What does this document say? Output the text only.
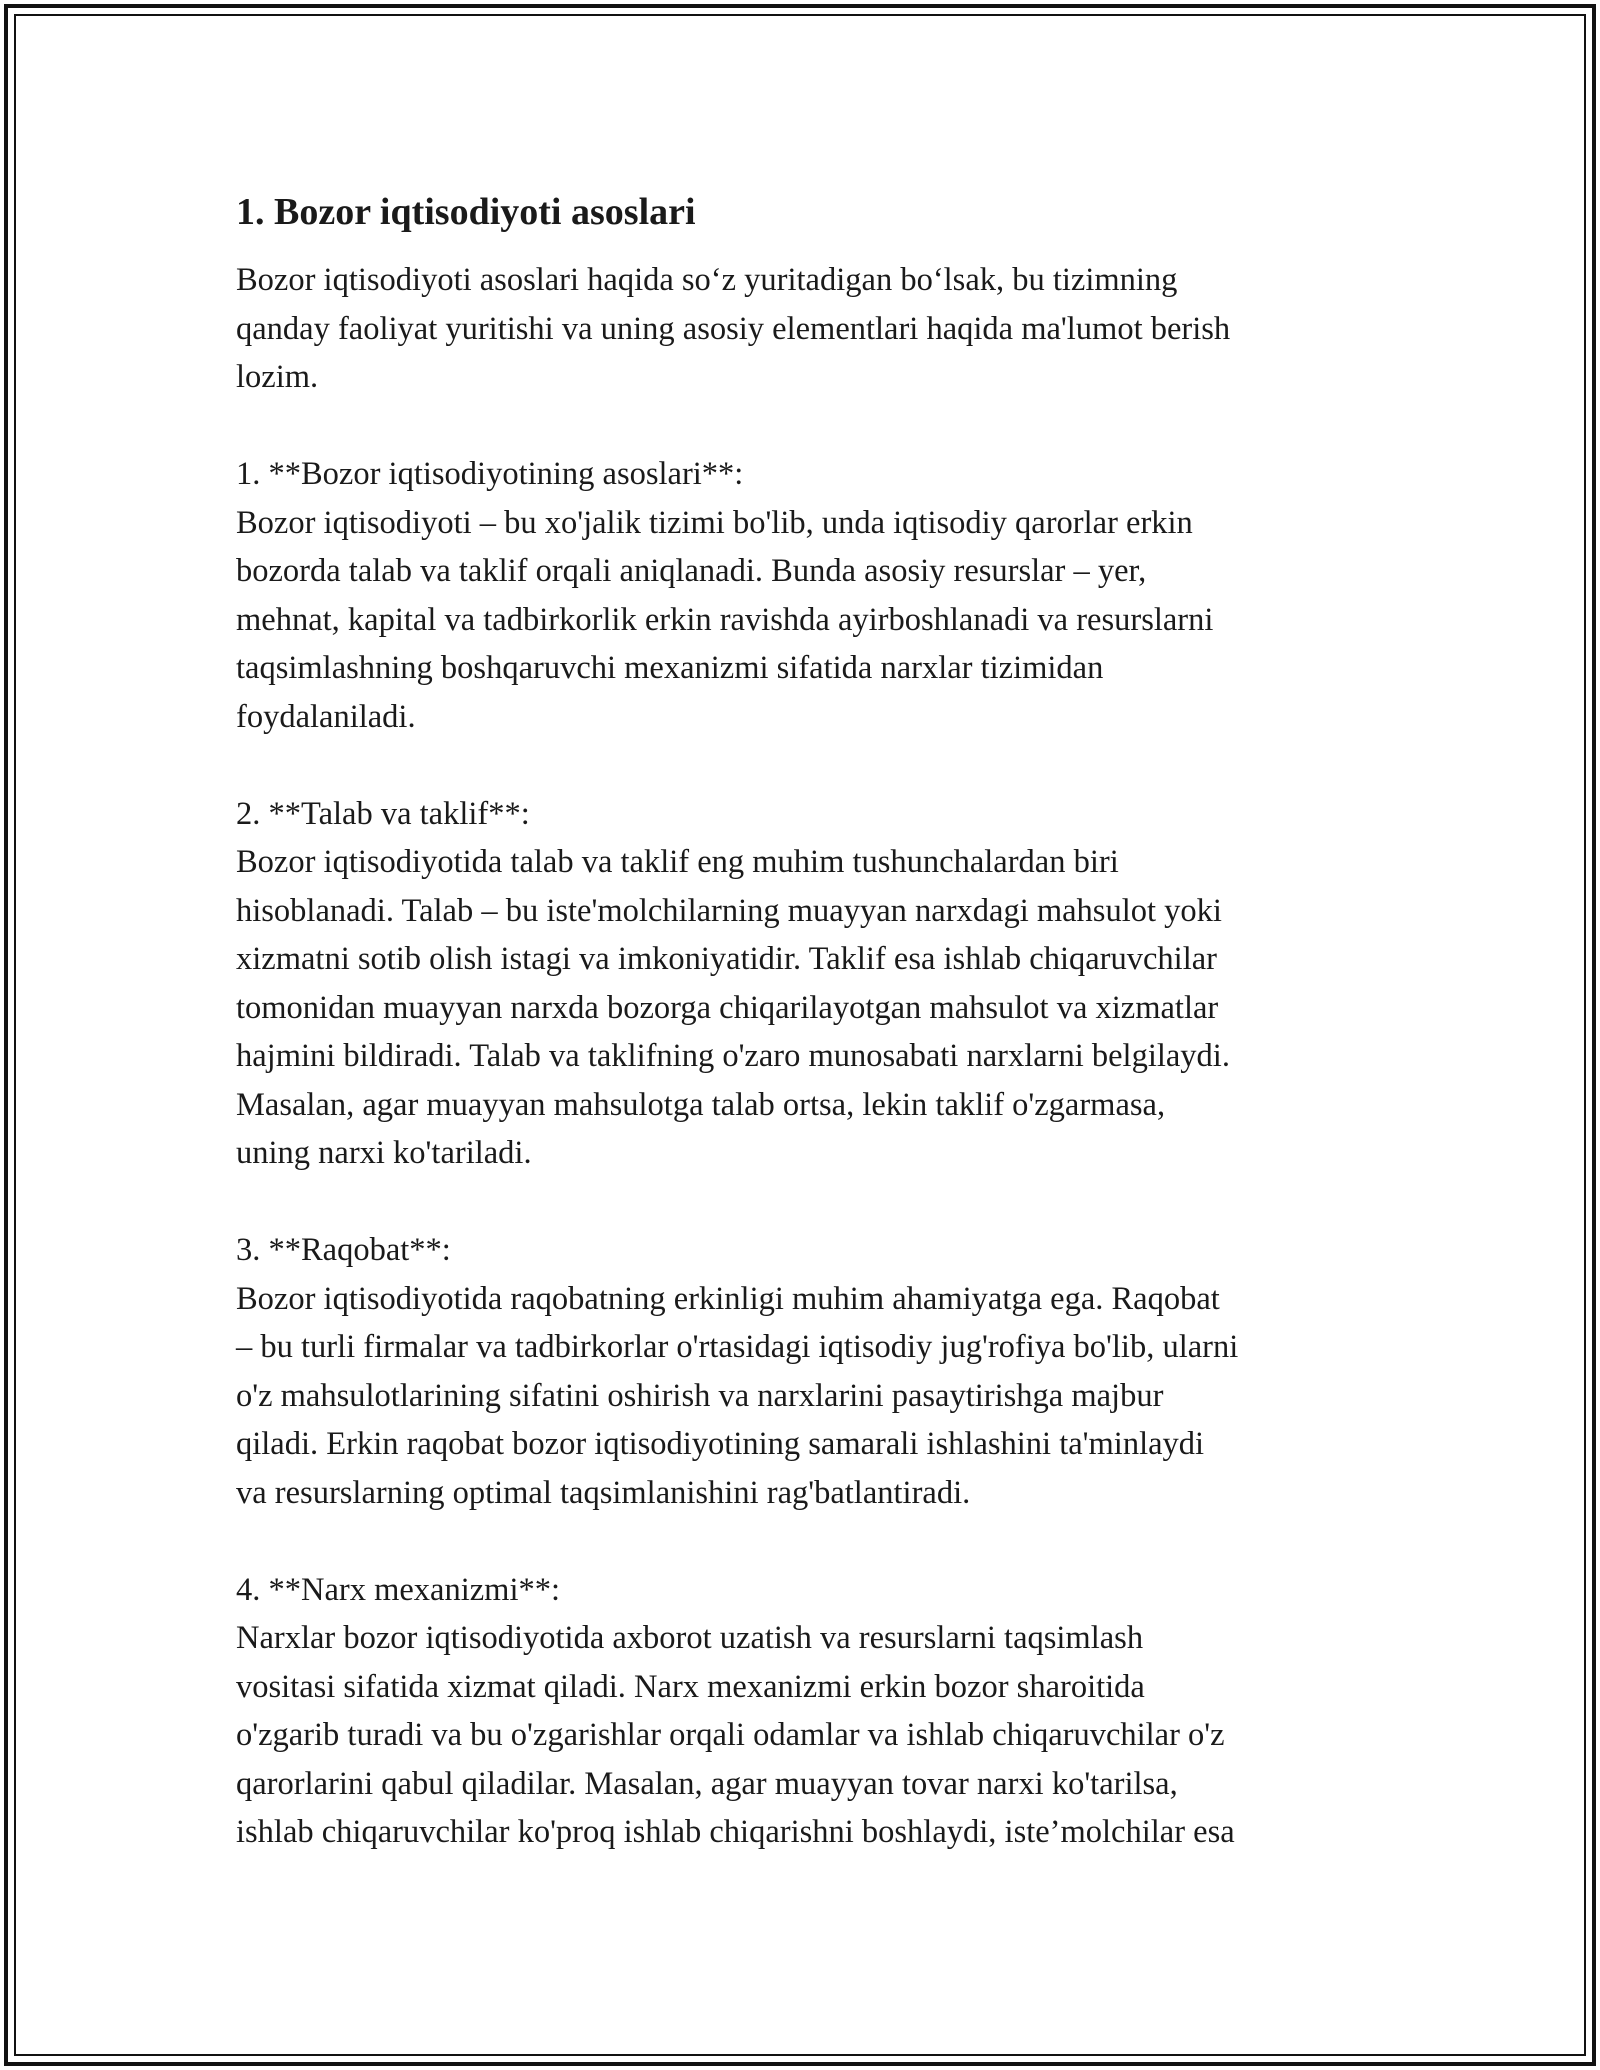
1. Bozor iqtisodiyoti asoslari
Bozor iqtisodiyoti asoslari haqida so‘z yuritadigan bo‘lsak, bu tizimning
qanday faoliyat yuritishi va uning asosiy elementlari haqida ma'lumot berish
lozim.
1. **Bozor iqtisodiyotining asoslari**:
Bozor iqtisodiyoti – bu xo'jalik tizimi bo'lib, unda iqtisodiy qarorlar erkin
bozorda talab va taklif orqali aniqlanadi. Bunda asosiy resurslar – yer,
mehnat, kapital va tadbirkorlik erkin ravishda ayirboshlanadi va resurslarni
taqsimlashning boshqaruvchi mexanizmi sifatida narxlar tizimidan
foydalaniladi.
2. **Talab va taklif**:
Bozor iqtisodiyotida talab va taklif eng muhim tushunchalardan biri
hisoblanadi. Talab – bu iste'molchilarning muayyan narxdagi mahsulot yoki
xizmatni sotib olish istagi va imkoniyatidir. Taklif esa ishlab chiqaruvchilar
tomonidan muayyan narxda bozorga chiqarilayotgan mahsulot va xizmatlar
hajmini bildiradi. Talab va taklifning o'zaro munosabati narxlarni belgilaydi.
Masalan, agar muayyan mahsulotga talab ortsa, lekin taklif o'zgarmasa,
uning narxi ko'tariladi.
3. **Raqobat**:
Bozor iqtisodiyotida raqobatning erkinligi muhim ahamiyatga ega. Raqobat
– bu turli firmalar va tadbirkorlar o'rtasidagi iqtisodiy jug'rofiya bo'lib, ularni
o'z mahsulotlarining sifatini oshirish va narxlarini pasaytirishga majbur
qiladi. Erkin raqobat bozor iqtisodiyotining samarali ishlashini ta'minlaydi
va resurslarning optimal taqsimlanishini rag'batlantiradi.
4. **Narx mexanizmi**:
Narxlar bozor iqtisodiyotida axborot uzatish va resurslarni taqsimlash
vositasi sifatida xizmat qiladi. Narx mexanizmi erkin bozor sharoitida
o'zgarib turadi va bu o'zgarishlar orqali odamlar va ishlab chiqaruvchilar o'z
qarorlarini qabul qiladilar. Masalan, agar muayyan tovar narxi ko'tarilsa,
ishlab chiqaruvchilar ko'proq ishlab chiqarishni boshlaydi, iste’molchilar esa
